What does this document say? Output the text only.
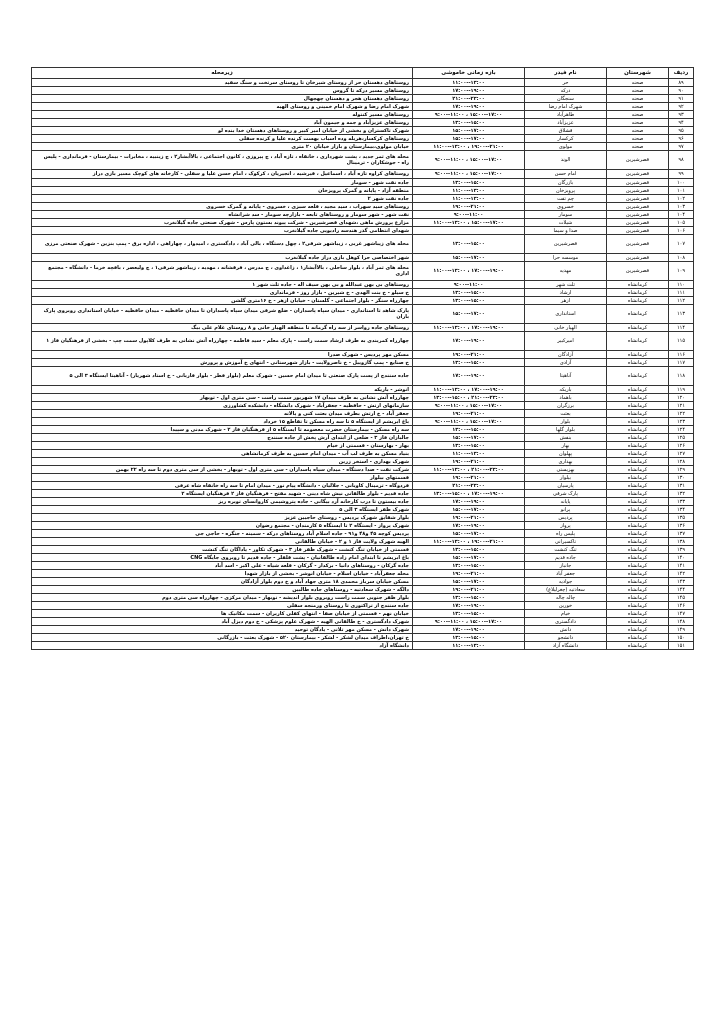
ردیف	شهرستان	نام فیدر	بازه زمانی خاموشی	زیرمحله
۸۹	صحنه	حر	۱۱:۰۰--۱۳:۰۰	روستاهای دهستان حر از روستای شیرخان تا روستای سرتخت و سنگ سفید
۹۰	صحنه	درکه	۱۷:۰۰--۱۹:۰۰	روستاهای مسیر درکه تا گروس
۹۱	صحنه	سنجگان	۲۱:۰۰--۲۳:۰۰	روستاهای دهستان هجر و دهستان چهچهال
۹۲	صحنه	شهرک امام رضا	۱۷:۰۰--۱۹:۰۰	شهرک امام رضا و شهرک امام خمینی و روستای الهیه
۹۳	صحنه	طاهرآباد	۹:۰۰--۱۱:۰۰ ، ۱۵:۰۰--۱۷:۰۰	روستاهای مسیر کنتوله
۹۴	صحنه	عزیزآباد	۱۳:۰۰--۱۵:۰۰	روستاهای عزیزآباد و جمه و جیمون آباد
۹۵	صحنه	قشلاق	۱۵:۰۰--۱۷:۰۰	شهرک تاکستران و بخشی از خیابان امیر کبیر و روستاهای دهستان خدا بنده لو
۹۶	صحنه	کرکسار	۱۵:۰۰--۱۷:۰۰	روستاهای کرکسار،هریله وده اسباب بهست کرنده علیا و کرنده سفلی
۹۷	صحنه	مولوی	۱۱:۰۰--۱۳:۰۰ ، ۱۹:۰۰--۲۱:۰۰	خیابان مولوی،بیمارستان و بازار خیابان ۲۰ متری
۹۸	قصرشیرین	الوند	۹:۰۰--۱۱:۰۰ ، ۱۵:۰۰--۱۷:۰۰	محله های ثمر جدید ، پشت شهرداری ، خانقاه ، تازه آباد ، چ پیروزی ، کانون اجتماعی ، بالاآبشار۲ ، چ زینبیه ، مخابرات - بیمارستان - فرمانداری - پلیس راه - جوشکاران - ترمینال
۹۹	قصرشیرین	امام حسن	۹:۰۰--۱۱:۰۰ ، ۱۵:۰۰--۱۷:۰۰	روستاهای کراوه تازه آباد ، اسماعیل ، قیرشیه ، انجیریان ، کرکوک ، امام حسن علیا و سفلی - کارخانه های کوچک مسیر بازی دراز
۱۰۰	قصرشیرین	بازرگان	۱۳:۰۰--۱۵:۰۰	جاده نفت شهر - سومار
۱۰۱	قصرشیرین	پرویزخان	۱۱:۰۰--۱۳:۰۰	منطقه آزاد - پایانه و گمرک پرویزخان
۱۰۲	قصرشیرین	چم تفت	۱۱:۰۰--۱۳:۰۰	جاده نفت شهر ۲
۱۰۳	قصرشیرین	خسروی	۱۹:۰۰--۲۱:۰۰	روستاهای سید سهراب ، سید مجید ، قلعه سبزی ، خسروی - پایانه و گمرک خسروی
۱۰۴	قصرشیرین	سومار	۹:۰۰--۱۱:۰۰	نفت شهر - شهر سومار و روستاهای تابعه - بازارچه سومار - سد شرانشاه
۱۰۵	قصرشیرین	شیلات	۱۱:۰۰--۱۳:۰۰ ، ۱۵:۰۰--۱۷:۰۰	مزارع پرورش ماهی ،شهدای قصرشیرین - شرکت پیوند بستون پارس - شهرک صنعتی جاده گیلانغرب
۱۰۶	قصرشیرین	صدا و سیما		شهدای انتظامی گذر هندسه رادیویی جاده گیلانغرب
۱۰۷	قصرشیرین	قصرشیرین	۱۳:۰۰--۱۵:۰۰	محله های زیباشهر غربی ، زیباشهر شرقی۲ ، چهل دستگاه ، بالی آباد ، دادگستری ، امیدوار ، چهاراهی ، اداره برق - پمپ بنزین - شهرک صنعتی مرزی
۱۰۸	قصرشیرین	موسسه حرا	۱۵:۰۰--۱۷:۰۰	شهر اختصاصی حرا کوهل بازی دراز جاده گیلانغرب
۱۰۹	قصرشیرین	مهدیه	۱۱:۰۰--۱۳:۰۰ ، ۱۷:۰۰--۱۹:۰۰	محله های ثمر آباد ، بلوار ساحلی ، بالاآبشار۱ ، زاغداوی ، چ مدرس ، فرقشانه ، مهدیه ، زیباشهر شرقی۱ ، چ ولیعصر ، بافچه خرما - دانشگاه - مجتمع اداری
۱۱۰	کرمانشاه	ثلث شهر	۹:۰۰--۱۱:۰۰	روستاهای بی بهن عبدالله و بی بهن سیف اله - جاده ثلث شهر ۱
۱۱۱	کرمانشاه	ارشاد	۱۳:۰۰--۱۵:۰۰	خ سیلو - خ بنت الهدی - خ شیرین - بازار روز - فرمانداری
۱۱۲	کرمانشاه	ازهر	۱۳:۰۰--۱۵:۰۰	چهارراه سنگر - بلوار اجتماعی - گلستان - خیابان ازهر - خ ۱۶متری گلشن
۱۱۳	کرمانشاه	استانداری	۱۵:۰۰--۱۷:۰۰	پارک شاهد تا استانداری - میدان سپاه پاسداران - ضلع شرقی میدان سپاه پاسداران تا میدان حافظیه - میدان حافظیه - خیابان استانداری روبروی پارک باران
۱۱۴	کرمانشاه	الهیار خانی	۱۱:۰۰--۱۳:۰۰ ، ۱۷:۰۰--۱۹:۰۰	روستاهای جاده رواسر از سه راه گرمانه تا منطقه الهیار خانی و ۸ روستای غلام علی بیگ
۱۱۵	کرمانشاه	امیرکبیر	۱۷:۰۰--۱۹:۰۰	چهارراه کمربندی به طرف ارشاد سمت راست - پارک معلم - سید فاطمه - چهارراه آتش نشانی به طرف کلاپول سمت چپ - بخشی از فرهنگیان فاز ۱
۱۱۶	کرمانشاه	آزادگان	۱۹:۰۰--۲۱:۰۰	مسکن مهر پردیس - شهرک صدرا
۱۱۷	کرمانشاه	آزادی	۱۳:۰۰--۱۵:۰۰	خ صنایع - پمپ گازوییل - خ ناصرولایت - بازار شهرستانی - انتهای خ آموزش و پرورش
۱۱۸	کرمانشاه	آناهیتا	۱۷:۰۰--۱۹:۰۰	جاده سنندج از پست پارک صنعتی تا میدان امام حسین - شهرک معلم (بلوار فطر - بلوار فاربانی - خ استاد شهریار) - آناهیتا ایستگاه ۳ الی ۵
۱۱۹	کرمانشاه	باریکه	۱۱:۰۰--۱۳:۰۰ ، ۱۷:۰۰--۱۹:۰۰	انوشر - باریکه
۱۲۰	کرمانشاه	باهماد	۱۳:۰۰--۱۵:۰۰ ، ۲۱:۰۰--۲۳:۰۰	چهارراه آتش نشانی به طرف میدان ۱۷ شهریور سمت راست - سی متری اول - توبهار
۱۲۱	کرمانشاه	برزگران	۹:۰۰--۱۱:۰۰ ، ۱۵:۰۰--۱۷:۰۰	سازمانهای ارتش - حافظیه - جعفرآباد - شهرک دانشگاه - دانشکده کشاورزی
۱۲۲	کرمانشاه	بعثت	۱۹:۰۰--۲۱:۰۰	جعفر آباد - خ ارتش بطرف میدان بعثت کنی و پالانه
۱۲۳	کرمانشاه	بلوار	۹:۰۰--۱۱:۰۰ ، ۱۵:۰۰--۱۷:۰۰	باغ ابریشم از ایستگاه ۵ تا سه راه مسکن تا تقاطع ۱۵ خرداد
۱۲۴	کرمانشاه	بلوار گلها	۱۳:۰۰--۱۵:۰۰	سه راه مسکن - بیمارستان حضرت معصومه تا ایستگاه ۵ از فرهنگیان فاز ۲ - شهرک مدنی و سپیدا
۱۲۵	کرمانشاه	بنفش	۱۵:۰۰--۱۷:۰۰	جالبازان فاز ۳ - ضلعی از ابتدای آرش پخش از جاده سنندج
۱۲۶	کرمانشاه	بهار	۱۳:۰۰--۱۵:۰۰	بهار - بهارستان - قسمتی از خیام
۱۲۷	کرمانشاه	پهلوان	۱۱:۰۰--۱۳:۰۰	بنیاد مسکن به طرف لب آب - میدان امام حسین به طرف کرمانشاهی
۱۲۸	کرمانشاه	بهداری	۱۹:۰۰--۲۱:۰۰	شهرک بهداری - استخر زرین
۱۲۹	کرمانشاه	بهزیستی	۱۱:۰۰--۱۳:۰۰ ، ۲۱:۰۰--۲۳:۰۰	شرکت نفت - صدا دستگاه - میدان سپاه پاسداران - سی متری اول - توبهار - بخشی از سی متری دوم تا سه راه ۲۲ بهمن
۱۳۰	کرمانشاه	بیلوار	۱۹:۰۰--۲۱:۰۰	قسمتهای بیلوار
۱۳۱	کرمانشاه	پارسیان	۲۱:۰۰--۲۳:۰۰	فردوگاه - ترمینال کاویانی - جلالیان - دانشگاه پیام نور - میدان امام تا سه راه خانقاه شاه عرفی
۱۳۲	کرمانشاه	پارک شرقی	۱۳:۰۰--۱۵:۰۰ ، ۱۷:۰۰--۱۹:۰۰	جاده قدیم - بلوار طالقانی نیش شاه دینی - شهید مفتح - فرهنگیان فاز ۲ فرهنگیان ایستگاه ۲
۱۳۳	کرمانشاه	پایانه	۱۷:۰۰--۱۹:۰۰	جاده بیستون تا درب کارخانه آرد بیگانی - جاده پتروشیمی کاروانسای توبره ریز
۱۳۴	کرمانشاه	پرانو	۱۵:۰۰--۱۷:۰۰	شهرک ظفر ایستگاه ۳ الی ۵
۱۳۵	کرمانشاه	پردیس	۱۹:۰۰--۲۱:۰۰	بلوار شقایق شهرک پردیس - روستای حاجیین عزیز
۱۳۶	کرمانشاه	پرواز	۱۷:۰۰--۱۹:۰۰	شهرک پرواز - ایستگاه ۲ تا ایستگاه ۵ کارمندان - مجتمع رضوان
۱۳۷	کرمانشاه	پلیس راه	۱۵:۰۰--۱۷:۰۰	پردیس کوچه ۴۵ و۴۸ و۹۱ - جاده اسلام آباد روستاهای درکه - سمینه - جنگره - حاجی جی
۱۳۸	کرمانشاه	تاکسیرانی	۱۱:۰۰--۱۳:۰۰ ، ۱۹:۰۰--۲۱:۰۰	الهیه شهرک ولایت فاز ۱ و ۲ - خیابان طالقانی
۱۳۹	کرمانشاه	تنگ کنشت	۱۳:۰۰--۱۵:۰۰	قسمتی از خیابان تنگ کنشت - شهرک ظفر فاز ۳ - شهرک تکاور - یاداگان تنگ کنشت
۱۴۰	کرمانشاه	جاده قدیم	۱۵:۰۰--۱۷:۰۰	باغ ابریشم تا ابتدای امام زاده طالقانیان - پشت قلفلر - جاده قدیم تا روبروی جایگاه CNG
۱۴۱	کرمانشاه	جانباز	۱۳:۰۰--۱۵:۰۰	جاده گرکان - روستاهای دانیا - برکدار - گرکان - قلعه شیاه - علی اکبر - اسد آباد
۱۴۲	کرمانشاه	جعفر آباد	۱۹:۰۰--۲۱:۰۰	محله جعفرآباد - خیابان اسلام - خیابان انوشر - بخشی از بازار شهدا
۱۴۳	کرمانشاه	جوادیه	۱۵:۰۰--۱۷:۰۰	مسکن خیابان سرباز محمدی ۱۸ متری جهاد آباد و خ دوم بلوار آزادگان
۱۴۴	کرمانشاه	سعادتیه (چغرلیلاغ)	۱۹:۰۰--۲۱:۰۰	دالگه - شهرک سعادتیه - روستاهای جاده طالبین
۱۴۵	کرمانشاه	چاله چاله	۱۳:۰۰--۱۵:۰۰	بلوار ظفر جنوبی سمت راست روبروی بلوار اندیشه - نوبهار - میدان مرکزی - چهارراه سی متری دوم
۱۴۶	کرمانشاه	خورین	۱۷:۰۰--۱۹:۰۰	جاده سنندج از تراکتوری تا روستای ورمنجه سفلی
۱۴۷	کرمانشاه	خیام	۱۳:۰۰--۱۵:۰۰	خیابان نهم - قسمتی از خیابان صفا - انتهای کفلی کاربران - سمت مکانیک ها
۱۴۸	کرمانشاه	دادگستری	۹:۰۰--۱۱:۰۰ ، ۱۵:۰۰--۱۷:۰۰	شهرک دادگستری - خ طالقانی الهیه - شهرک علوم پزشکی - خ دوم دیزل آباد
۱۴۹	کرمانشاه	دانش	۱۷:۰۰--۱۹:۰۰	شهرک دانش - مسکن مهر تلانی - یادگان توحید
۱۵۰	کرمانشاه	دانشجو	۱۳:۰۰--۱۵:۰۰	خ تهران،اطراف میدان لشکر - لشکر - بیمارستان ۵۲۰ - شهرک بعثت - بازرگانی
۱۵۱	کرمانشاه	دانشگاه آزاد	۱۱:۰۰--۱۳:۰۰	دانشگاه آزاد
